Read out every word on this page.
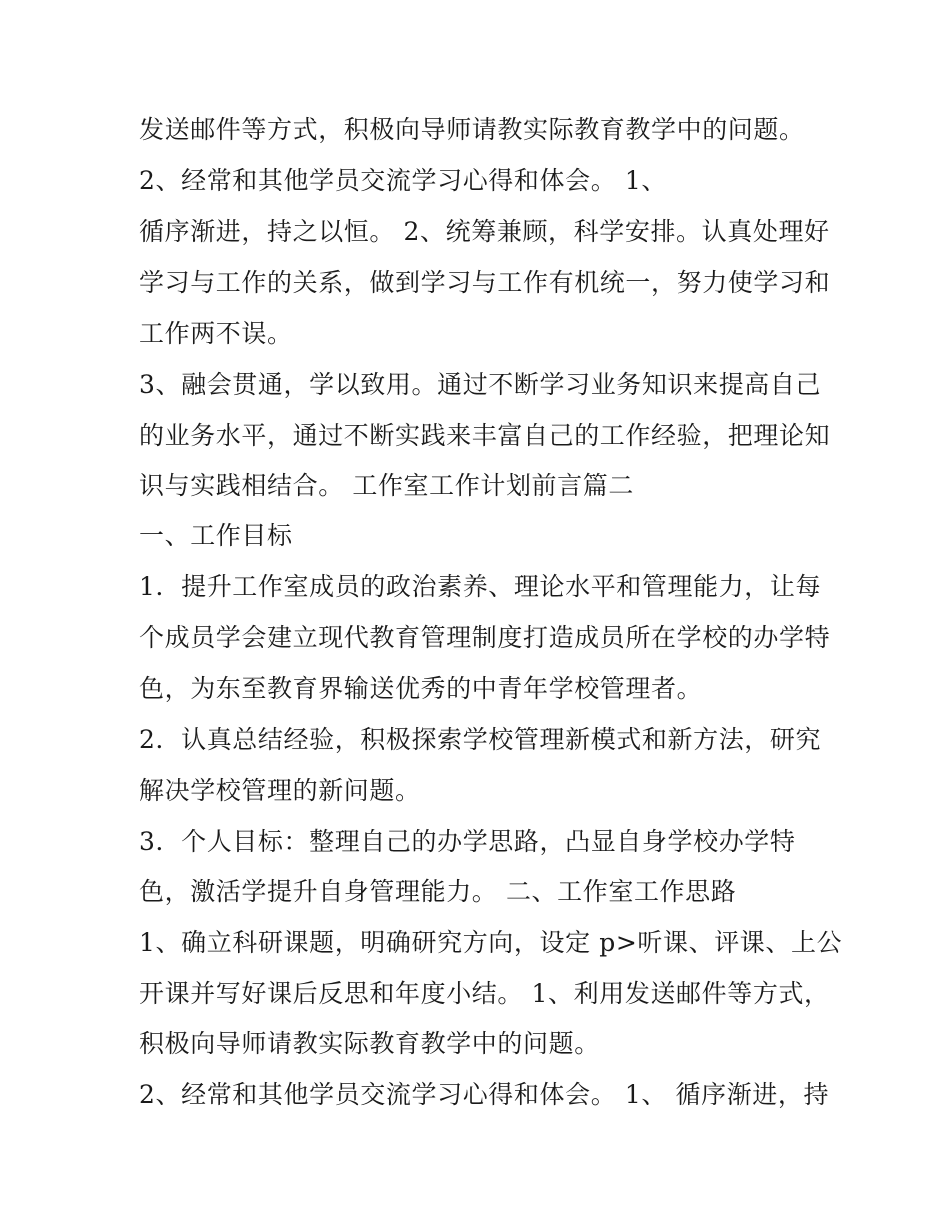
发送邮件等方式，积极向导师请教实际教育教学中的问题。
2、经常和其他学员交流学习心得和体会。 1、
循序渐进，持之以恒。 2、统筹兼顾，科学安排。认真处理好
学习与工作的关系，做到学习与工作有机统一，努力使学习和
工作两不误。
3、融会贯通，学以致用。通过不断学习业务知识来提高自己
的业务水平，通过不断实践来丰富自己的工作经验，把理论知
识与实践相结合。 工作室工作计划前言篇二
一、工作目标
1．提升工作室成员的政治素养、理论水平和管理能力，让每
个成员学会建立现代教育管理制度打造成员所在学校的办学特
色，为东至教育界输送优秀的中青年学校管理者。
2．认真总结经验，积极探索学校管理新模式和新方法，研究
解决学校管理的新问题。
3．个人目标：整理自己的办学思路，凸显自身学校办学特
色，激活学提升自身管理能力。 二、工作室工作思路
1、确立科研课题，明确研究方向，设定 p>听课、评课、上公
开课并写好课后反思和年度小结。 1、利用发送邮件等方式，
积极向导师请教实际教育教学中的问题。
2、经常和其他学员交流学习心得和体会。 1、 循序渐进，持
